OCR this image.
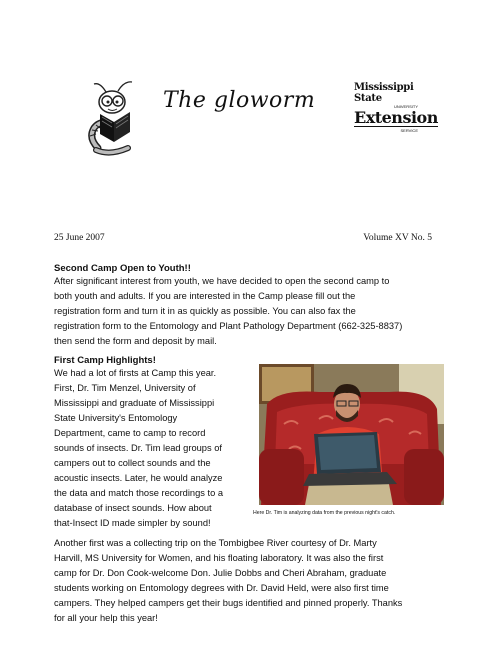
The gloworm
Mississippi State
UNIVERSITY
Extension
SERVICE
25 June 2007	Volume XV No. 5
Second Camp Open to Youth!!
After significant interest from youth, we have decided to open the second camp to
both youth and adults. If you are interested in the Camp please fill out the
registration form and turn it in as quickly as possible. You can also fax the
registration form to the Entomology and Plant Pathology Department (662-325-8837)
then send the form and deposit by mail.
First Camp Highlights!
We had a lot of firsts at Camp this year.
First, Dr. Tim Menzel, University of
Mississippi and graduate of Mississippi
State University's Entomology
Department, came to camp to record
sounds of insects. Dr. Tim lead groups of
campers out to collect sounds and the
acoustic insects. Later, he would analyze
the data and match those recordings to a
database of insect sounds. How about
that-Insect ID made simpler by sound!
Here Dr. Tim is analyzing data from the previous night's catch.
Another first was a collecting trip on the Tombigbee River courtesy of Dr. Marty
Harvill, MS University for Women, and his floating laboratory. It was also the first
camp for Dr. Don Cook-welcome Don. Julie Dobbs and Cheri Abraham, graduate
students working on Entomology degrees with Dr. David Held, were also first time
campers. They helped campers get their bugs identified and pinned properly. Thanks
for all your help this year!
